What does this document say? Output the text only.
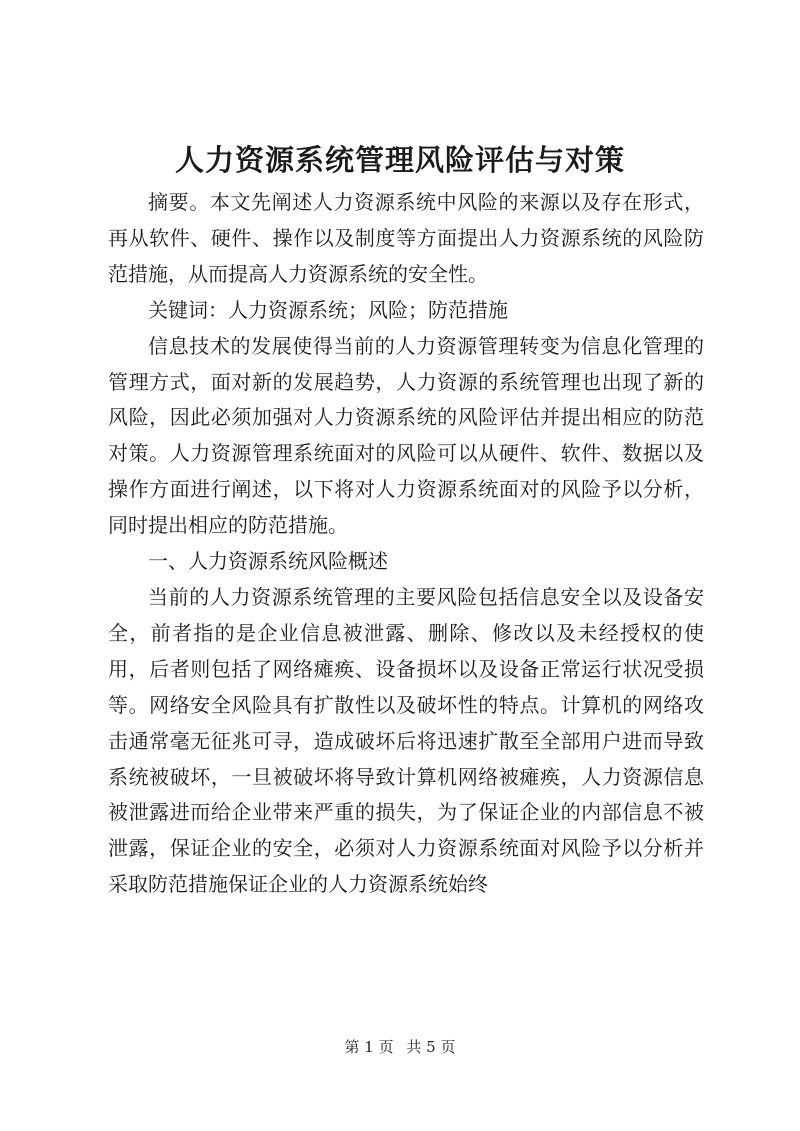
人力资源系统管理风险评估与对策

摘要。本文先阐述人力资源系统中风险的来源以及存在形式，再从软件、硬件、操作以及制度等方面提出人力资源系统的风险防范措施，从而提高人力资源系统的安全性。

关键词：人力资源系统；风险；防范措施

信息技术的发展使得当前的人力资源管理转变为信息化管理的管理方式，面对新的发展趋势，人力资源的系统管理也出现了新的风险，因此必须加强对人力资源系统的风险评估并提出相应的防范对策。人力资源管理系统面对的风险可以从硬件、软件、数据以及操作方面进行阐述，以下将对人力资源系统面对的风险予以分析，同时提出相应的防范措施。

一、人力资源系统风险概述

当前的人力资源系统管理的主要风险包括信息安全以及设备安全，前者指的是企业信息被泄露、删除、修改以及未经授权的使用，后者则包括了网络瘫痪、设备损坏以及设备正常运行状况受损等。网络安全风险具有扩散性以及破坏性的特点。计算机的网络攻击通常毫无征兆可寻，造成破坏后将迅速扩散至全部用户进而导致系统被破坏，一旦被破坏将导致计算机网络被瘫痪，人力资源信息被泄露进而给企业带来严重的损失，为了保证企业的内部信息不被泄露，保证企业的安全，必须对人力资源系统面对风险予以分析并采取防范措施保证企业的人力资源系统始终

第 1 页 共 5 页
